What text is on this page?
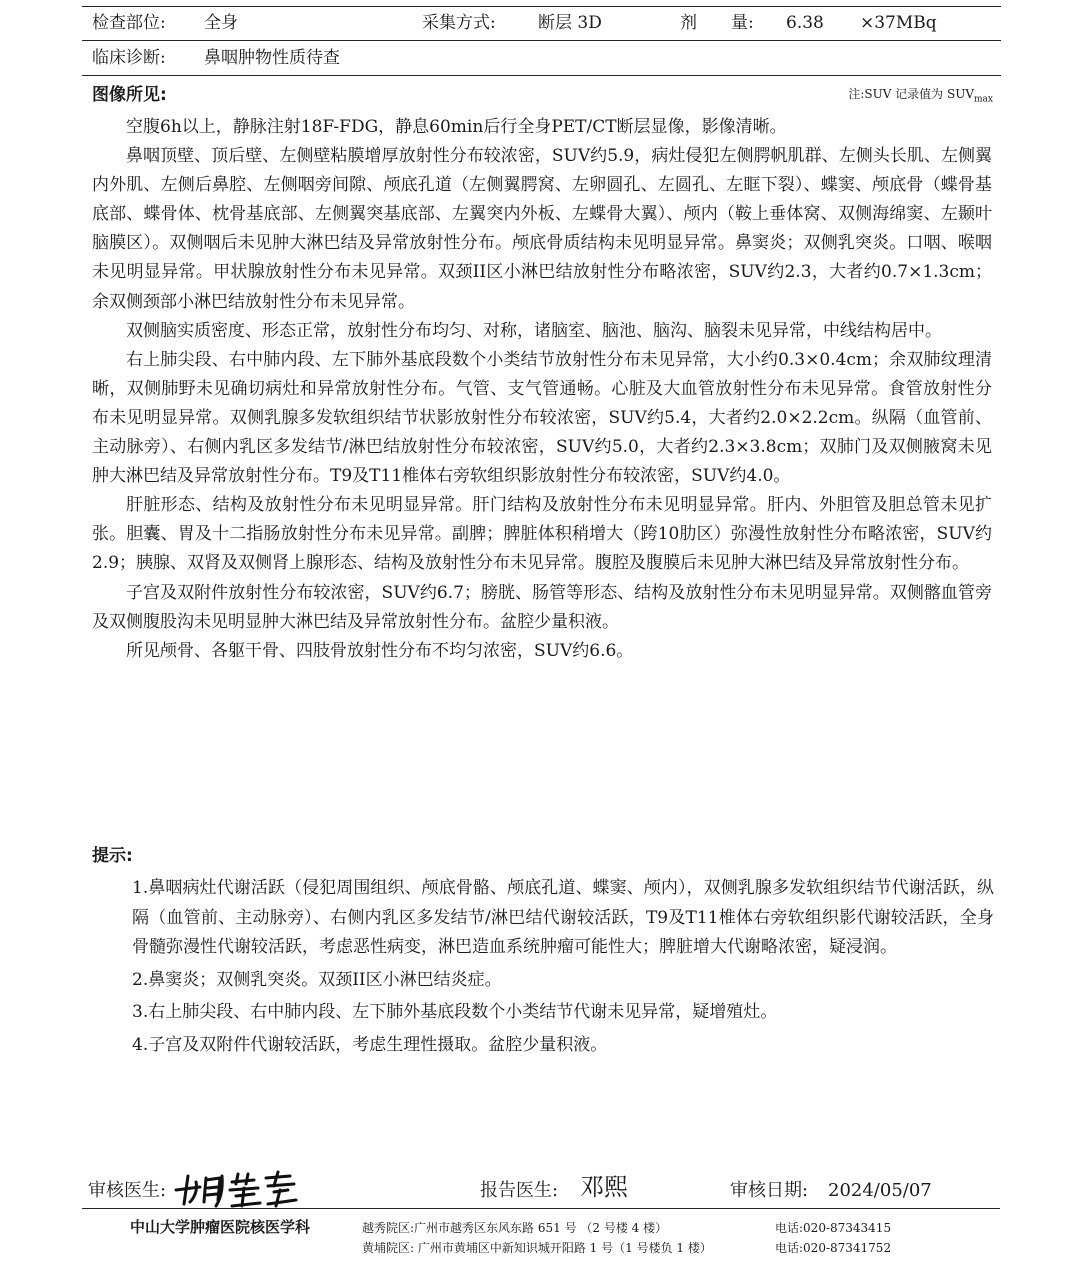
检查部位: 全身	采集方式: 断层 3D	剂　　量: 6.38 ×37MBq
临床诊断: 鼻咽肿物性质待查
图像所见:	注:SUV 记录值为 $SUV_{max}$

空腹6h以上，静脉注射18F-FDG，静息60min后行全身PET/CT断层显像，影像清晰。

鼻咽顶壁、顶后壁、左侧壁粘膜增厚放射性分布较浓密，SUV约5.9，病灶侵犯左侧腭帆肌群、左侧头长肌、左侧翼内外肌、左侧后鼻腔、左侧咽旁间隙、颅底孔道（左侧翼腭窝、左卵圆孔、左圆孔、左眶下裂）、蝶窦、颅底骨（蝶骨基底部、蝶骨体、枕骨基底部、左侧翼突基底部、左翼突内外板、左蝶骨大翼）、颅内（鞍上垂体窝、双侧海绵窦、左颞叶脑膜区）。双侧咽后未见肿大淋巴结及异常放射性分布。颅底骨质结构未见明显异常。鼻窦炎；双侧乳突炎。口咽、喉咽未见明显异常。甲状腺放射性分布未见异常。双颈II区小淋巴结放射性分布略浓密，SUV约2.3，大者约0.7×1.3cm；余双侧颈部小淋巴结放射性分布未见异常。

双侧脑实质密度、形态正常，放射性分布均匀、对称，诸脑室、脑池、脑沟、脑裂未见异常，中线结构居中。

右上肺尖段、右中肺内段、左下肺外基底段数个小类结节放射性分布未见异常，大小约0.3×0.4cm；余双肺纹理清晰，双侧肺野未见确切病灶和异常放射性分布。气管、支气管通畅。心脏及大血管放射性分布未见异常。食管放射性分布未见明显异常。双侧乳腺多发软组织结节状影放射性分布较浓密，SUV约5.4，大者约2.0×2.2cm。纵隔（血管前、主动脉旁）、右侧内乳区多发结节/淋巴结放射性分布较浓密，SUV约5.0，大者约2.3×3.8cm；双肺门及双侧腋窝未见肿大淋巴结及异常放射性分布。T9及T11椎体右旁软组织影放射性分布较浓密，SUV约4.0。

肝脏形态、结构及放射性分布未见明显异常。肝门结构及放射性分布未见明显异常。肝内、外胆管及胆总管未见扩张。胆囊、胃及十二指肠放射性分布未见异常。副脾；脾脏体积稍增大（跨10肋区）弥漫性放射性分布略浓密，SUV约2.9；胰腺、双肾及双侧肾上腺形态、结构及放射性分布未见异常。腹腔及腹膜后未见肿大淋巴结及异常放射性分布。

子宫及双附件放射性分布较浓密，SUV约6.7；膀胱、肠管等形态、结构及放射性分布未见明显异常。双侧髂血管旁及双侧腹股沟未见明显肿大淋巴结及异常放射性分布。盆腔少量积液。

所见颅骨、各躯干骨、四肢骨放射性分布不均匀浓密，SUV约6.6。

提示:

1.鼻咽病灶代谢活跃（侵犯周围组织、颅底骨骼、颅底孔道、蝶窦、颅内），双侧乳腺多发软组织结节代谢活跃，纵隔（血管前、主动脉旁）、右侧内乳区多发结节/淋巴结代谢较活跃，T9及T11椎体右旁软组织影代谢较活跃，全身骨髓弥漫性代谢较活跃，考虑恶性病变，淋巴造血系统肿瘤可能性大；脾脏增大代谢略浓密，疑浸润。

2.鼻窦炎；双侧乳突炎。双颈II区小淋巴结炎症。

3.右上肺尖段、右中肺内段、左下肺外基底段数个小类结节代谢未见异常，疑增殖灶。

4.子宫及双附件代谢较活跃，考虑生理性摄取。盆腔少量积液。

审核医生:	报告医生: 邓熙	审核日期: 2024/05/07
中山大学肿瘤医院核医学科	越秀院区:广州市越秀区东风东路 651 号 （2 号楼 4 楼）	电话:020-87343415
黄埔院区: 广州市黄埔区中新知识城开阳路 1 号（1 号楼负 1 楼）	电话:020-87341752
